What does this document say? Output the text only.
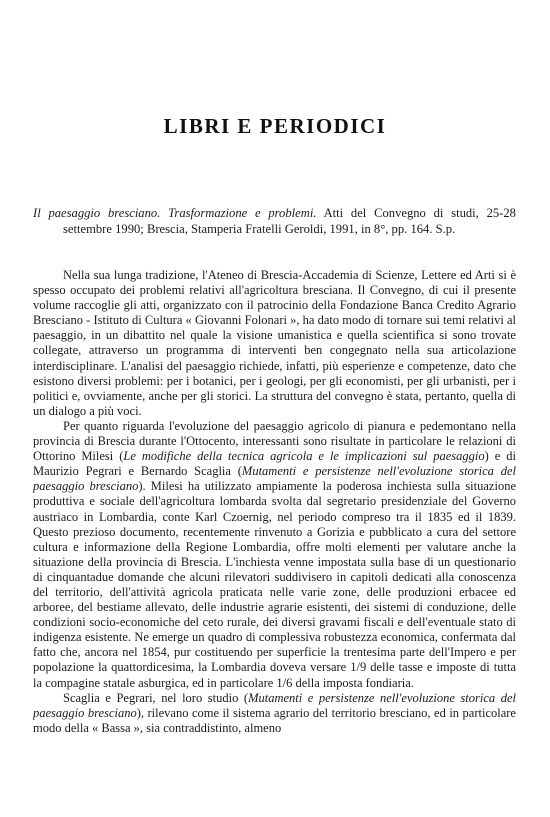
LIBRI E PERIODICI
Il paesaggio bresciano. Trasformazione e problemi. Atti del Convegno di studi, 25-28 settembre 1990; Brescia, Stamperia Fratelli Geroldi, 1991, in 8°, pp. 164. S.p.

Nella sua lunga tradizione, l'Ateneo di Brescia-Accademia di Scienze, Lettere ed Arti si è spesso occupato dei problemi relativi all'agricoltura bresciana. Il Convegno, di cui il presente volume raccoglie gli atti, organizzato con il patrocinio della Fondazione Banca Credito Agrario Bresciano - Istituto di Cultura « Giovanni Folonari », ha dato modo di tornare sui temi relativi al paesaggio, in un dibattito nel quale la visione umanistica e quella scientifica si sono trovate collegate, attraverso un programma di interventi ben congegnato nella sua articolazione interdisciplinare. L'analisi del paesaggio richiede, infatti, più esperienze e competenze, dato che esistono diversi problemi: per i botanici, per i geologi, per gli economisti, per gli urbanisti, per i politici e, ovviamente, anche per gli storici. La struttura del convegno è stata, pertanto, quella di un dialogo a più voci.

Per quanto riguarda l'evoluzione del paesaggio agricolo di pianura e pedemontano nella provincia di Brescia durante l'Ottocento, interessanti sono risultate in particolare le relazioni di Ottorino Milesi (Le modifiche della tecnica agricola e le implicazioni sul paesaggio) e di Maurizio Pegrari e Bernardo Scaglia (Mutamenti e persistenze nell'evoluzione storica del paesaggio bresciano). Milesi ha utilizzato ampiamente la poderosa inchiesta sulla situazione produttiva e sociale dell'agricoltura lombarda svolta dal segretario presidenziale del Governo austriaco in Lombardia, conte Karl Czoernig, nel periodo compreso tra il 1835 ed il 1839. Questo prezioso documento, recentemente rinvenuto a Gorizia e pubblicato a cura del settore cultura e informazione della Regione Lombardia, offre molti elementi per valutare anche la situazione della provincia di Brescia. L'inchiesta venne impostata sulla base di un questionario di cinquantadue domande che alcuni rilevatori suddivisero in capitoli dedicati alla conoscenza del territorio, dell'attività agricola praticata nelle varie zone, delle produzioni erbacee ed arboree, del bestiame allevato, delle industrie agrarie esistenti, dei sistemi di conduzione, delle condizioni socio-economiche del ceto rurale, dei diversi gravami fiscali e dell'eventuale stato di indigenza esistente. Ne emerge un quadro di complessiva robustezza economica, confermata dal fatto che, ancora nel 1854, pur costituendo per superficie la trentesima parte dell'Impero e per popolazione la quattordicesima, la Lombardia doveva versare 1/9 delle tasse e imposte di tutta la compagine statale asburgica, ed in particolare 1/6 della imposta fondiaria.

Scaglia e Pegrari, nel loro studio (Mutamenti e persistenze nell'evoluzione storica del paesaggio bresciano), rilevano come il sistema agrario del territorio bresciano, ed in particolare modo della « Bassa », sia contraddistinto, almeno
